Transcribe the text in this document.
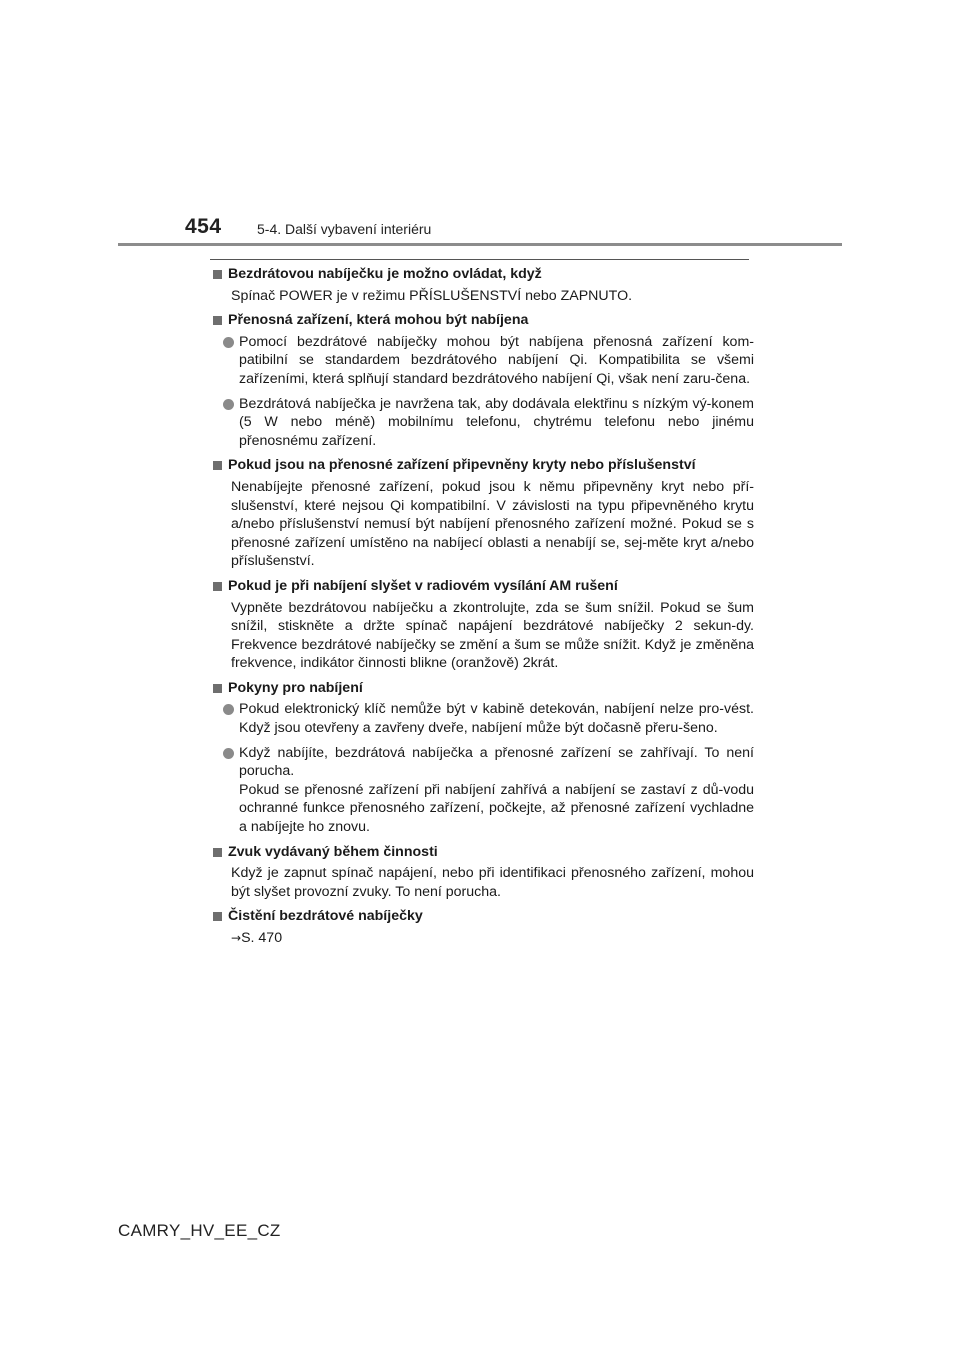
454	5-4. Další vybavení interiéru
Bezdrátovou nabíječku je možno ovládat, když
Spínač POWER je v režimu PŘÍSLUŠENSTVÍ nebo ZAPNUTO.
Přenosná zařízení, která mohou být nabíjena
Pomocí bezdrátové nabíječky mohou být nabíjena přenosná zařízení kom-patibilní se standardem bezdrátového nabíjení Qi. Kompatibilita se všemi zařízeními, která splňují standard bezdrátového nabíjení Qi, však není zaru-čena.
Bezdrátová nabíječka je navržena tak, aby dodávala elektřinu s nízkým vý-konem (5 W nebo méně) mobilnímu telefonu, chytrému telefonu nebo jinému přenosnému zařízení.
Pokud jsou na přenosné zařízení připevněny kryty nebo příslušenství
Nenabíjejte přenosné zařízení, pokud jsou k němu připevněny kryt nebo pří-slušenství, které nejsou Qi kompatibilní. V závislosti na typu připevněného krytu a/nebo příslušenství nemusí být nabíjení přenosného zařízení možné. Pokud se s přenosné zařízení umístěno na nabíjecí oblasti a nenabíjí se, sej-měte kryt a/nebo příslušenství.
Pokud je při nabíjení slyšet v radiovém vysílání AM rušení
Vypněte bezdrátovou nabíječku a zkontrolujte, zda se šum snížil. Pokud se šum snížil, stiskněte a držte spínač napájení bezdrátové nabíječky 2 sekun-dy. Frekvence bezdrátové nabíječky se změní a šum se může snížit. Když je změněna frekvence, indikátor činnosti blikne (oranžově) 2krát.
Pokyny pro nabíjení
Pokud elektronický klíč nemůže být v kabině detekován, nabíjení nelze pro-vést. Když jsou otevřeny a zavřeny dveře, nabíjení může být dočasně přeru-šeno.
Když nabíjíte, bezdrátová nabíječka a přenosné zařízení se zahřívají. To není porucha.
Pokud se přenosné zařízení při nabíjení zahřívá a nabíjení se zastaví z dů-vodu ochranné funkce přenosného zařízení, počkejte, až přenosné zařízení vychladne a nabíjejte ho znovu.
Zvuk vydávaný během činnosti
Když je zapnut spínač napájení, nebo při identifikaci přenosného zařízení, mohou být slyšet provozní zvuky. To není porucha.
Čistění bezdrátové nabíječky
→S. 470
CAMRY_HV_EE_CZ
